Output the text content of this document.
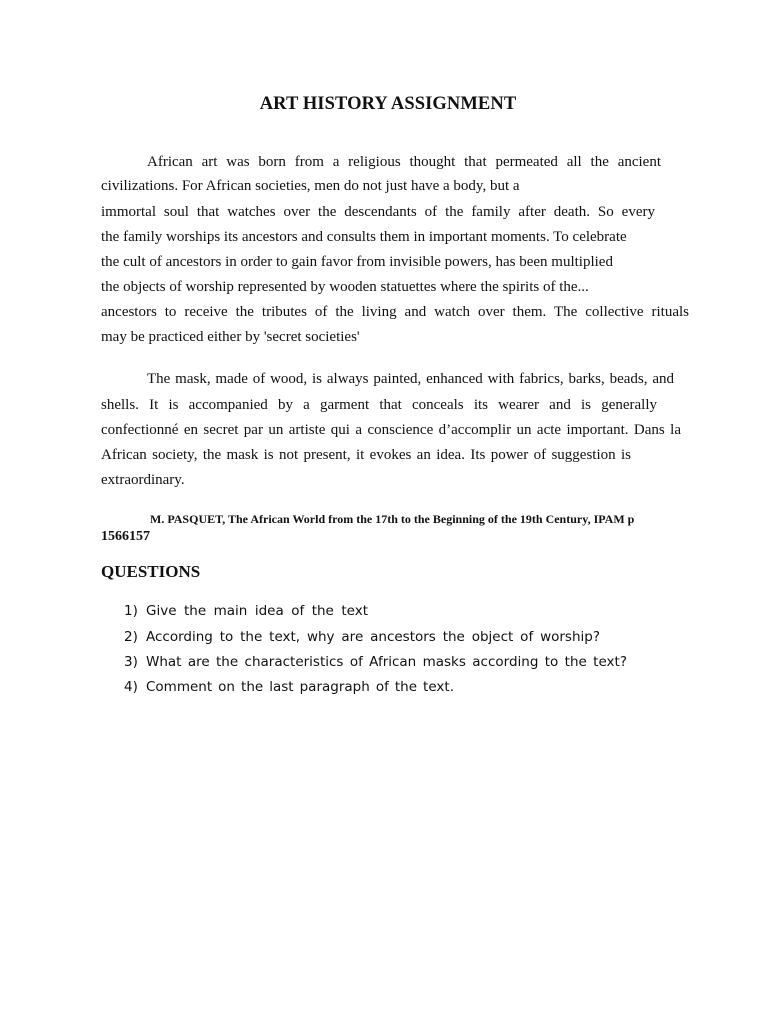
ART HISTORY ASSIGNMENT
African art was born from a religious thought that permeated all the ancient
civilizations. For African societies, men do not just have a body, but a
immortal soul that watches over the descendants of the family after death. So every
the family worships its ancestors and consults them in important moments. To celebrate
the cult of ancestors in order to gain favor from invisible powers, has been multiplied
the objects of worship represented by wooden statuettes where the spirits of the...
ancestors to receive the tributes of the living and watch over them. The collective rituals
may be practiced either by 'secret societies'
The mask, made of wood, is always painted, enhanced with fabrics, barks, beads, and
shells. It is accompanied by a garment that conceals its wearer and is generally
confectionné en secret par un artiste qui a conscience d’accomplir un acte important. Dans la
African society, the mask is not present, it evokes an idea. Its power of suggestion is
extraordinary.
M. PASQUET, The African World from the 17th to the Beginning of the 19th Century, IPAM p
1566157
QUESTIONS
1) Give the main idea of the text
2) According to the text, why are ancestors the object of worship?
3) What are the characteristics of African masks according to the text?
4) Comment on the last paragraph of the text.
